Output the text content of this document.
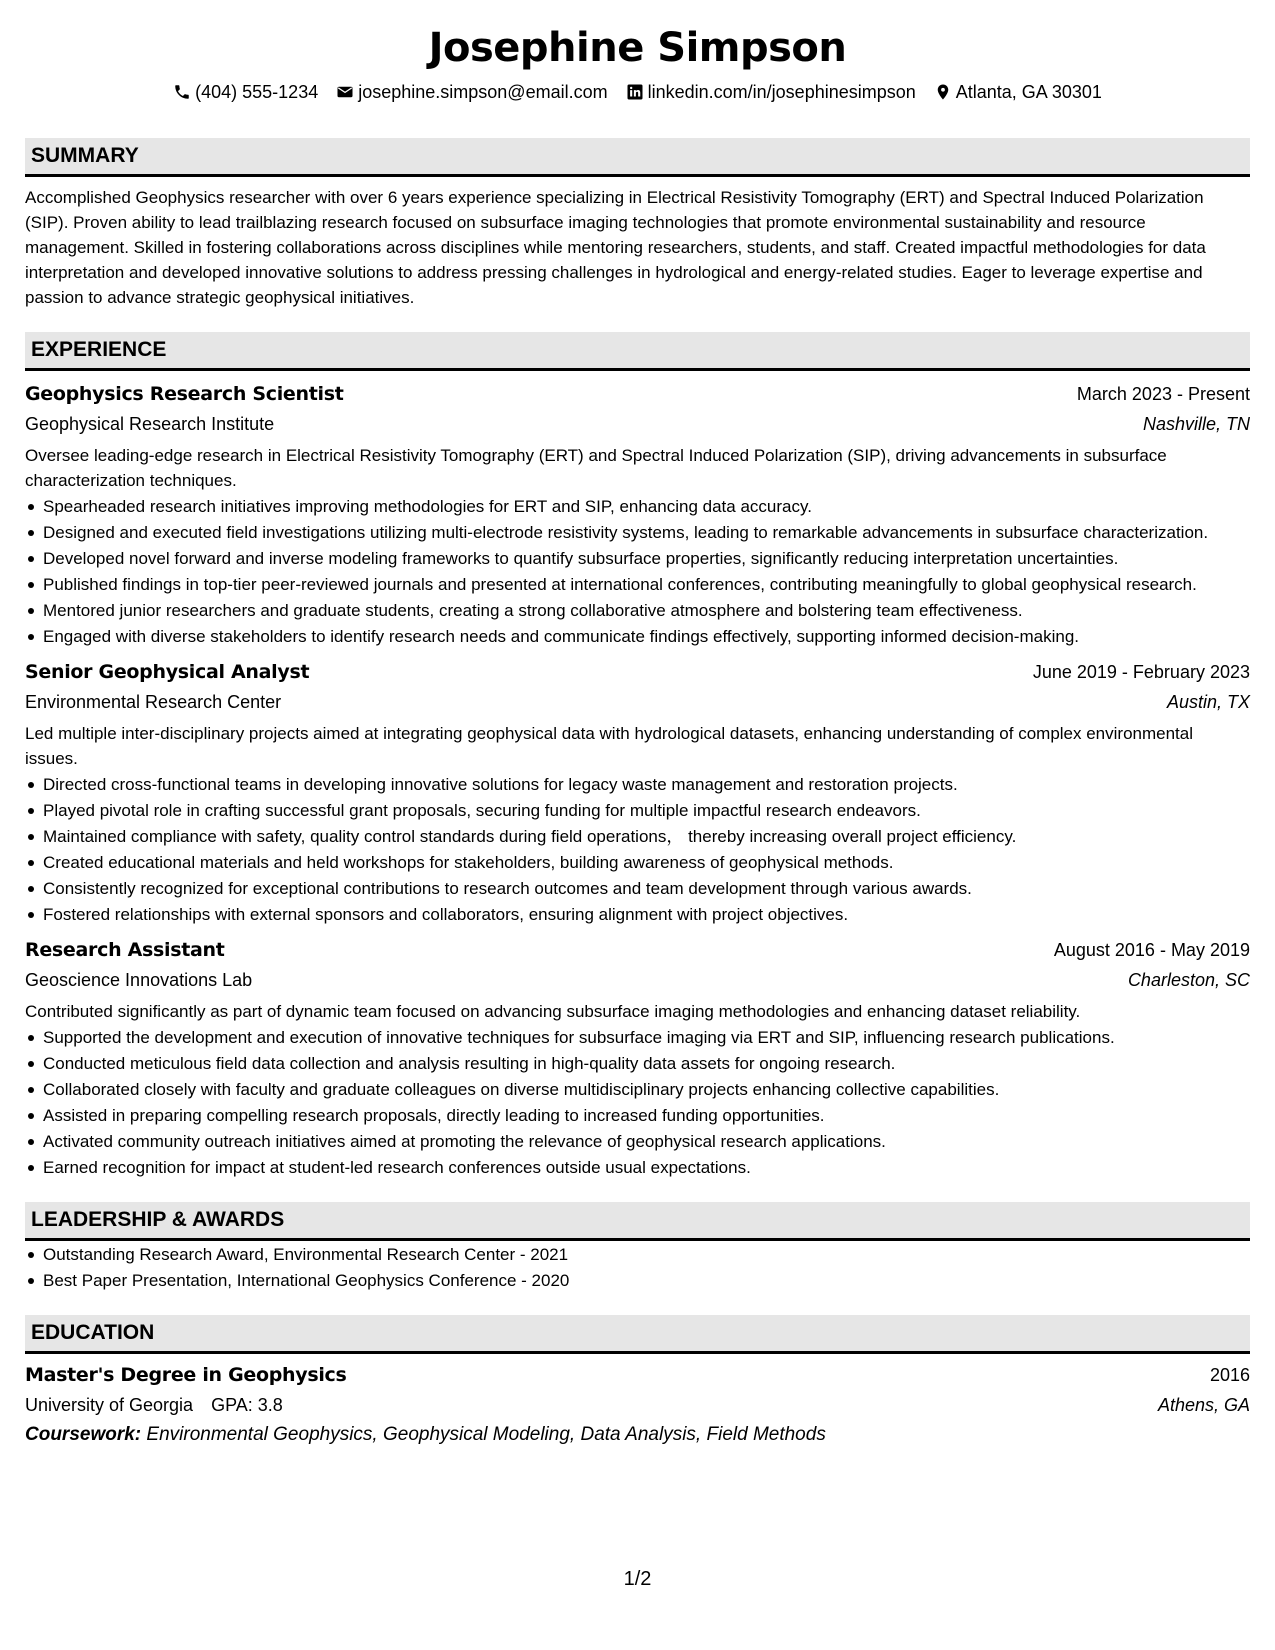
Josephine Simpson
(404) 555-1234 josephine.simpson@email.com linkedin.com/in/josephinesimpson Atlanta, GA 30301
SUMMARY

Accomplished Geophysics researcher with over 6 years experience specializing in Electrical Resistivity Tomography (ERT) and Spectral Induced Polarization (SIP). Proven ability to lead trailblazing research focused on subsurface imaging technologies that promote environmental sustainability and resource management. Skilled in fostering collaborations across disciplines while mentoring researchers, students, and staff. Created impactful methodologies for data interpretation and developed innovative solutions to address pressing challenges in hydrological and energy-related studies. Eager to leverage expertise and passion to advance strategic geophysical initiatives.

EXPERIENCE
Geophysics Research Scientist	March 2023 - Present
Geophysical Research Institute	Nashville, TN

Oversee leading-edge research in Electrical Resistivity Tomography (ERT) and Spectral Induced Polarization (SIP), driving advancements in subsurface characterization techniques.

Spearheaded research initiatives improving methodologies for ERT and SIP, enhancing data accuracy.
Designed and executed field investigations utilizing multi-electrode resistivity systems, leading to remarkable advancements in subsurface characterization.
Developed novel forward and inverse modeling frameworks to quantify subsurface properties, significantly reducing interpretation uncertainties.
Published findings in top-tier peer-reviewed journals and presented at international conferences, contributing meaningfully to global geophysical research.
Mentored junior researchers and graduate students, creating a strong collaborative atmosphere and bolstering team effectiveness.
Engaged with diverse stakeholders to identify research needs and communicate findings effectively, supporting informed decision-making.
Senior Geophysical Analyst	June 2019 - February 2023
Environmental Research Center	Austin, TX

Led multiple inter-disciplinary projects aimed at integrating geophysical data with hydrological datasets, enhancing understanding of complex environmental issues.

Directed cross-functional teams in developing innovative solutions for legacy waste management and restoration projects.
Played pivotal role in crafting successful grant proposals, securing funding for multiple impactful research endeavors.
Maintained compliance with safety, quality control standards during field operations， thereby increasing overall project efficiency.
Created educational materials and held workshops for stakeholders, building awareness of geophysical methods.
Consistently recognized for exceptional contributions to research outcomes and team development through various awards.
Fostered relationships with external sponsors and collaborators, ensuring alignment with project objectives.
Research Assistant	August 2016 - May 2019
Geoscience Innovations Lab	Charleston, SC

Contributed significantly as part of dynamic team focused on advancing subsurface imaging methodologies and enhancing dataset reliability.

Supported the development and execution of innovative techniques for subsurface imaging via ERT and SIP, influencing research publications.
Conducted meticulous field data collection and analysis resulting in high-quality data assets for ongoing research.
Collaborated closely with faculty and graduate colleagues on diverse multidisciplinary projects enhancing collective capabilities.
Assisted in preparing compelling research proposals, directly leading to increased funding opportunities.
Activated community outreach initiatives aimed at promoting the relevance of geophysical research applications.
Earned recognition for impact at student-led research conferences outside usual expectations.
LEADERSHIP & AWARDS
Outstanding Research Award, Environmental Research Center - 2021
Best Paper Presentation, International Geophysics Conference - 2020
EDUCATION
Master's Degree in Geophysics	2016
University of Georgia GPA: 3.8	Athens, GA
Coursework: Environmental Geophysics, Geophysical Modeling, Data Analysis, Field Methods
1/2
